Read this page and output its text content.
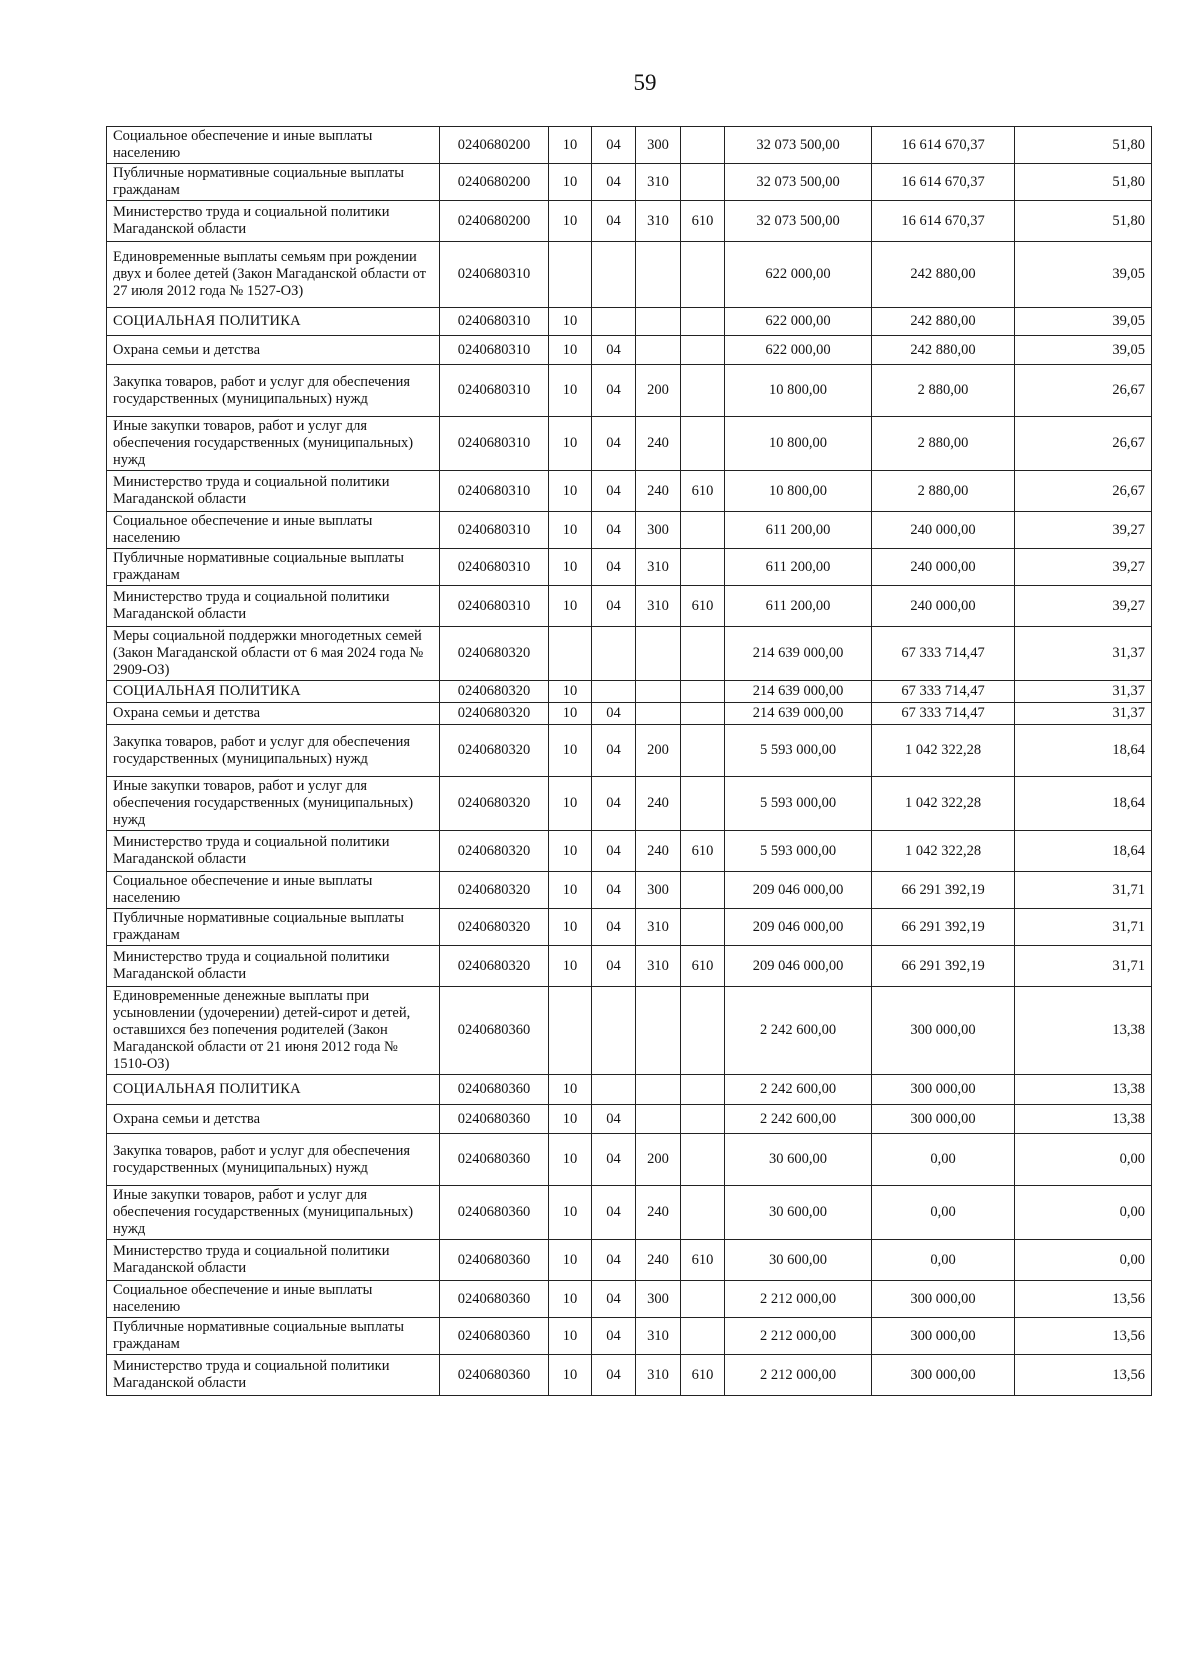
59
Социальное обеспечение и иные выплаты населению	0240680200	10	04	300		32 073 500,00	16 614 670,37	51,80
Публичные нормативные социальные выплаты гражданам	0240680200	10	04	310		32 073 500,00	16 614 670,37	51,80
Министерство труда и социальной политики Магаданской области	0240680200	10	04	310	610	32 073 500,00	16 614 670,37	51,80
Единовременные выплаты семьям при рождении двух и более детей (Закон Магаданской области от 27 июля 2012 года № 1527-ОЗ)	0240680310					622 000,00	242 880,00	39,05
СОЦИАЛЬНАЯ ПОЛИТИКА	0240680310	10				622 000,00	242 880,00	39,05
Охрана семьи и детства	0240680310	10	04			622 000,00	242 880,00	39,05
Закупка товаров, работ и услуг для обеспечения государственных (муниципальных) нужд	0240680310	10	04	200		10 800,00	2 880,00	26,67
Иные закупки товаров, работ и услуг для обеспечения государственных (муниципальных) нужд	0240680310	10	04	240		10 800,00	2 880,00	26,67
Министерство труда и социальной политики Магаданской области	0240680310	10	04	240	610	10 800,00	2 880,00	26,67
Социальное обеспечение и иные выплаты населению	0240680310	10	04	300		611 200,00	240 000,00	39,27
Публичные нормативные социальные выплаты гражданам	0240680310	10	04	310		611 200,00	240 000,00	39,27
Министерство труда и социальной политики Магаданской области	0240680310	10	04	310	610	611 200,00	240 000,00	39,27
Меры социальной поддержки многодетных семей (Закон Магаданской области от 6 мая 2024 года № 2909-ОЗ)	0240680320					214 639 000,00	67 333 714,47	31,37
СОЦИАЛЬНАЯ ПОЛИТИКА	0240680320	10				214 639 000,00	67 333 714,47	31,37
Охрана семьи и детства	0240680320	10	04			214 639 000,00	67 333 714,47	31,37
Закупка товаров, работ и услуг для обеспечения государственных (муниципальных) нужд	0240680320	10	04	200		5 593 000,00	1 042 322,28	18,64
Иные закупки товаров, работ и услуг для обеспечения государственных (муниципальных) нужд	0240680320	10	04	240		5 593 000,00	1 042 322,28	18,64
Министерство труда и социальной политики Магаданской области	0240680320	10	04	240	610	5 593 000,00	1 042 322,28	18,64
Социальное обеспечение и иные выплаты населению	0240680320	10	04	300		209 046 000,00	66 291 392,19	31,71
Публичные нормативные социальные выплаты гражданам	0240680320	10	04	310		209 046 000,00	66 291 392,19	31,71
Министерство труда и социальной политики Магаданской области	0240680320	10	04	310	610	209 046 000,00	66 291 392,19	31,71
Единовременные денежные выплаты при усыновлении (удочерении) детей-сирот и детей, оставшихся без попечения родителей (Закон Магаданской области от 21 июня 2012 года № 1510-ОЗ)	0240680360					2 242 600,00	300 000,00	13,38
СОЦИАЛЬНАЯ ПОЛИТИКА	0240680360	10				2 242 600,00	300 000,00	13,38
Охрана семьи и детства	0240680360	10	04			2 242 600,00	300 000,00	13,38
Закупка товаров, работ и услуг для обеспечения государственных (муниципальных) нужд	0240680360	10	04	200		30 600,00	0,00	0,00
Иные закупки товаров, работ и услуг для обеспечения государственных (муниципальных) нужд	0240680360	10	04	240		30 600,00	0,00	0,00
Министерство труда и социальной политики Магаданской области	0240680360	10	04	240	610	30 600,00	0,00	0,00
Социальное обеспечение и иные выплаты населению	0240680360	10	04	300		2 212 000,00	300 000,00	13,56
Публичные нормативные социальные выплаты гражданам	0240680360	10	04	310		2 212 000,00	300 000,00	13,56
Министерство труда и социальной политики Магаданской области	0240680360	10	04	310	610	2 212 000,00	300 000,00	13,56
